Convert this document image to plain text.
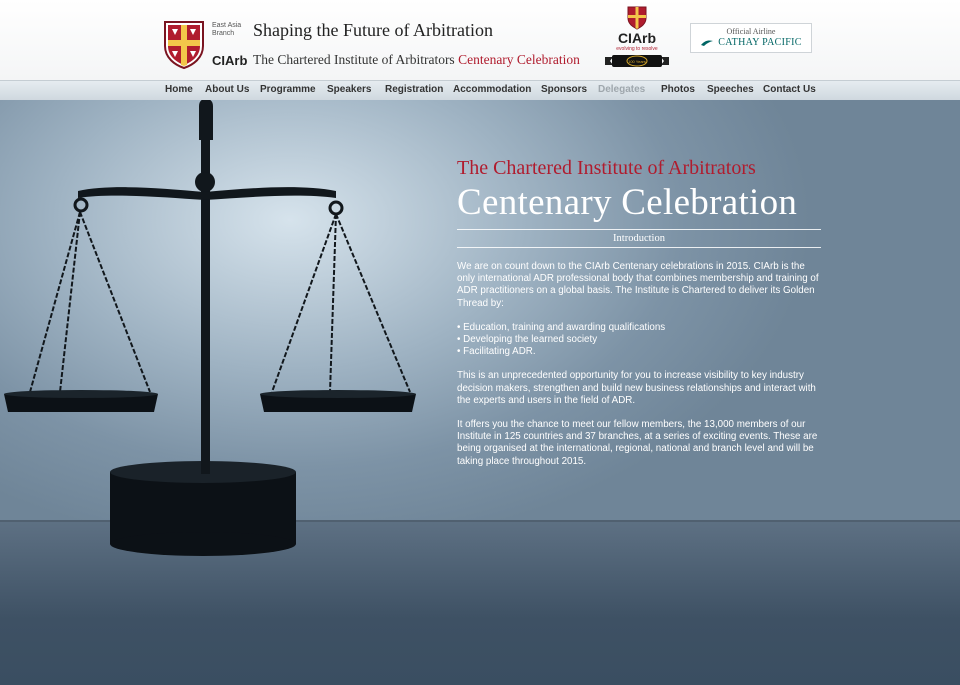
East Asia Branch
CIArb
Shaping the Future of Arbitration
The Chartered Institute of Arbitrators Centenary Celebration
CIArb
evolving to resolve
100 Years
Official Airline
CATHAY PACIFIC
Home About Us Programme Speakers Registration Accommodation Sponsors Delegates Photos Speeches Contact Us
The Chartered Institute of Arbitrators
Centenary Celebration
Introduction

We are on count down to the CIArb Centenary celebrations in 2015. CIArb is the only international ADR professional body that combines membership and training of ADR practitioners on a global basis. The Institute is Chartered to deliver its Golden Thread by:

• Education, training and awarding qualifications
• Developing the learned society
• Facilitating ADR.

This is an unprecedented opportunity for you to increase visibility to key industry decision makers, strengthen and build new business relationships and interact with the experts and users in the field of ADR.

It offers you the chance to meet our fellow members, the 13,000 members of our Institute in 125 countries and 37 branches, at a series of exciting events. These are being organised at the international, regional, national and branch level and will be taking place throughout 2015.
